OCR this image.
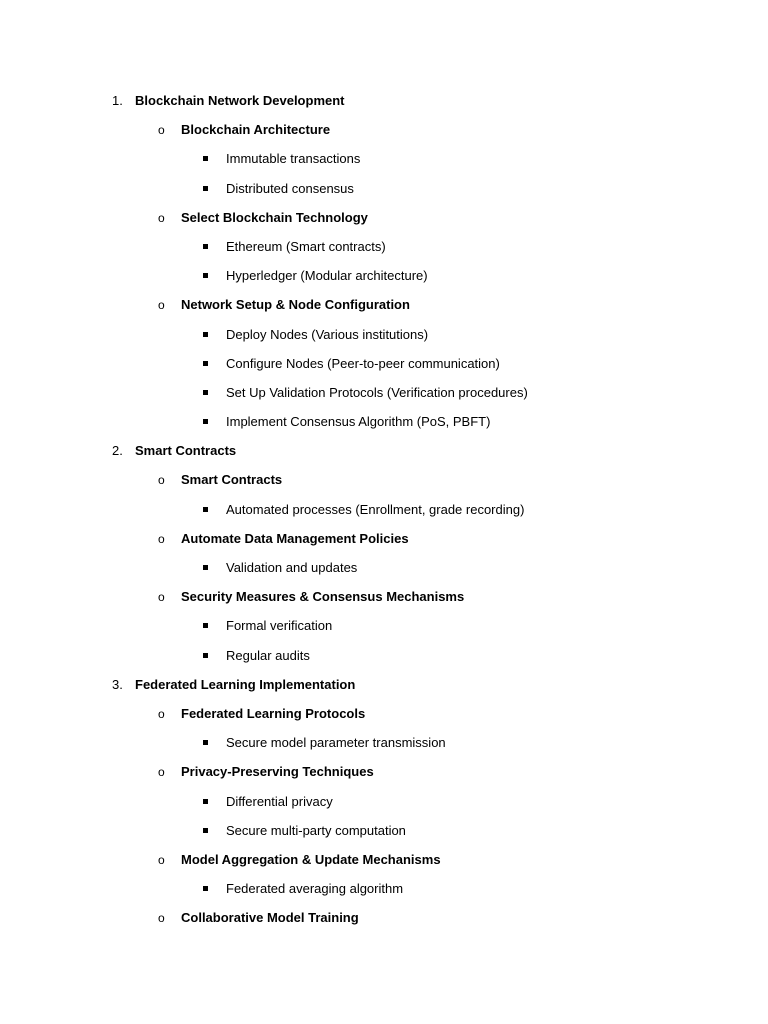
1. Blockchain Network Development
o Blockchain Architecture
Immutable transactions
Distributed consensus
o Select Blockchain Technology
Ethereum (Smart contracts)
Hyperledger (Modular architecture)
o Network Setup & Node Configuration
Deploy Nodes (Various institutions)
Configure Nodes (Peer-to-peer communication)
Set Up Validation Protocols (Verification procedures)
Implement Consensus Algorithm (PoS, PBFT)
2. Smart Contracts
o Smart Contracts
Automated processes (Enrollment, grade recording)
o Automate Data Management Policies
Validation and updates
o Security Measures & Consensus Mechanisms
Formal verification
Regular audits
3. Federated Learning Implementation
o Federated Learning Protocols
Secure model parameter transmission
o Privacy-Preserving Techniques
Differential privacy
Secure multi-party computation
o Model Aggregation & Update Mechanisms
Federated averaging algorithm
o Collaborative Model Training
